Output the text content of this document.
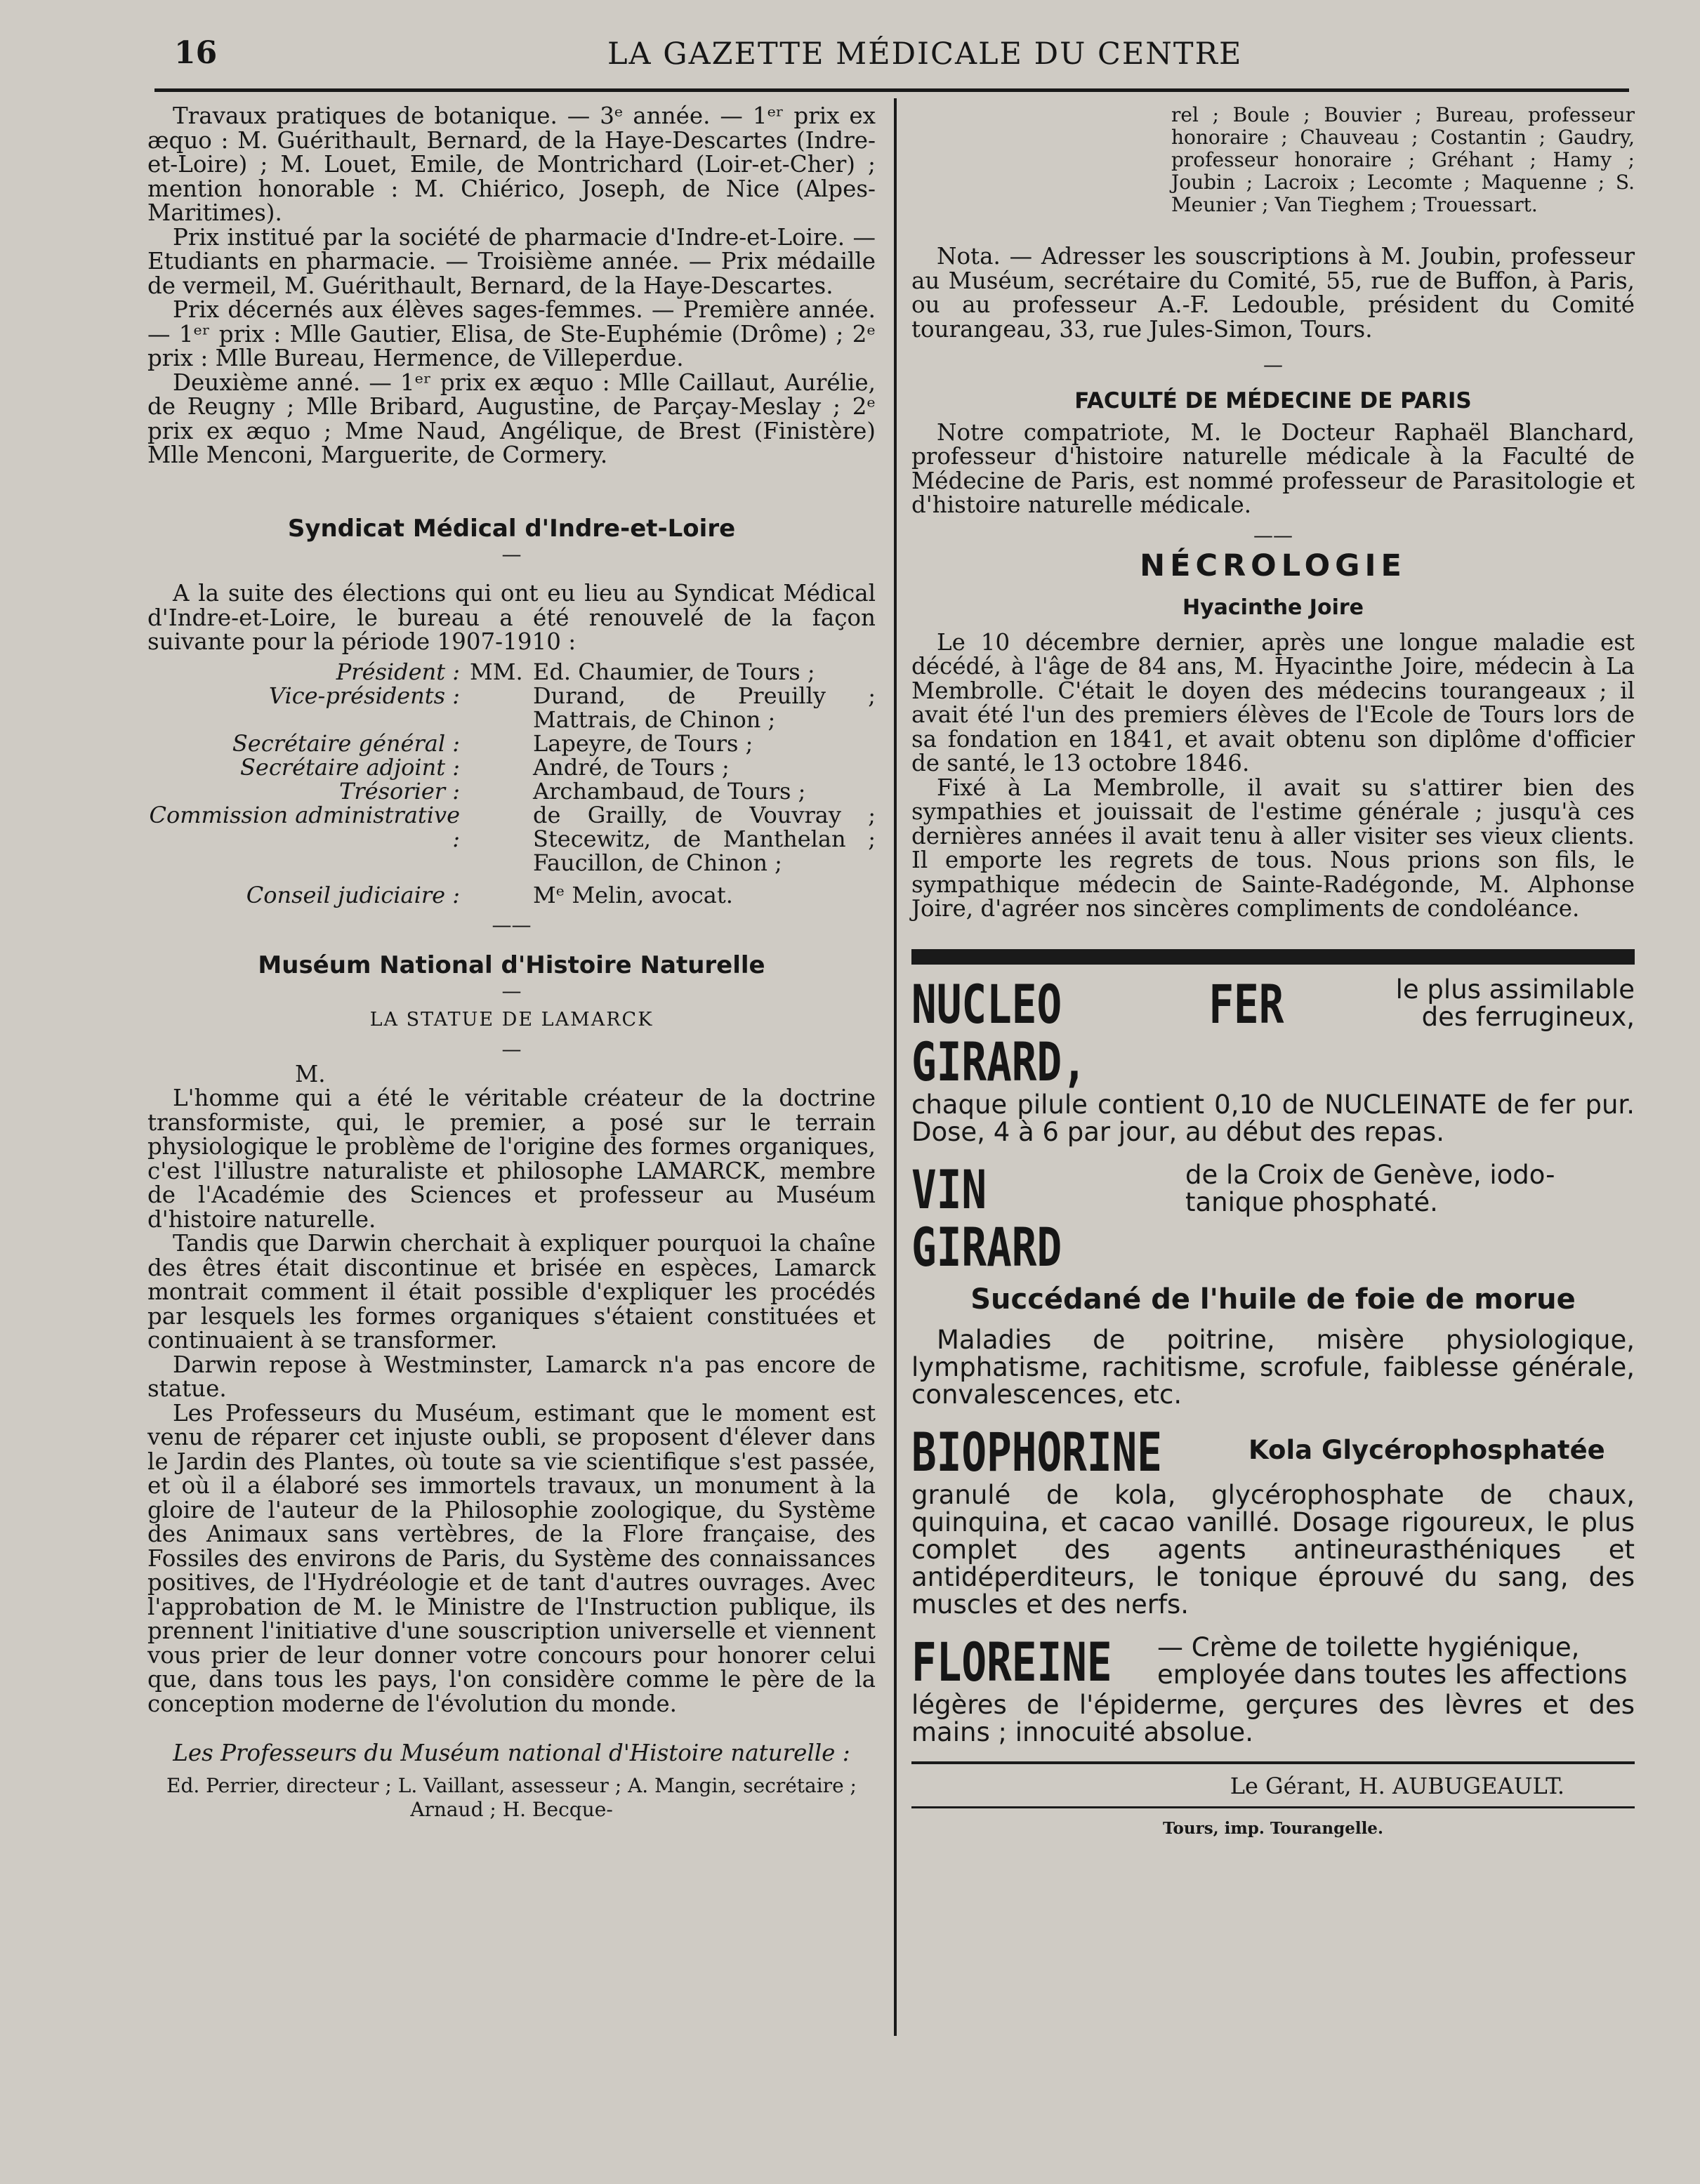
16	LA GAZETTE MÉDICALE DU CENTRE

Travaux pratiques de botanique. — 3ᵉ année. — 1ᵉʳ prix ex æquo : M. Guérithault, Bernard, de la Haye-Descartes (Indre-et-Loire) ; M. Louet, Emile, de Montrichard (Loir-et-Cher) ; mention honorable : M. Chiérico, Joseph, de Nice (Alpes-Maritimes).

Prix institué par la société de pharmacie d'Indre-et-Loire. — Etudiants en pharmacie. — Troisième année. — Prix médaille de vermeil, M. Guérithault, Bernard, de la Haye-Descartes.

Prix décernés aux élèves sages-femmes. — Première année. — 1ᵉʳ prix : Mlle Gautier, Elisa, de Ste-Euphémie (Drôme) ; 2ᵉ prix : Mlle Bureau, Hermence, de Villeperdue.

Deuxième anné. — 1ᵉʳ prix ex æquo : Mlle Caillaut, Aurélie, de Reugny ; Mlle Bribard, Augustine, de Parçay-Meslay ; 2ᵉ prix ex æquo ; Mme Naud, Angélique, de Brest (Finistère) Mlle Menconi, Marguerite, de Cormery.

Syndicat Médical d'Indre-et-Loire
—

A la suite des élections qui ont eu lieu au Syndicat Médical d'Indre-et-Loire, le bureau a été renouvelé de la façon suivante pour la période 1907-1910 :

Président :	MM.	Ed. Chaumier, de Tours ;
Vice-présidents :		Durand, de Preuilly ; Mattrais, de Chinon ;
Secrétaire général :		Lapeyre, de Tours ;
Secrétaire adjoint :		André, de Tours ;
Trésorier :		Archambaud, de Tours ;
Commission administrative :		de Grailly, de Vouvray ; Stecewitz, de Manthelan ; Faucillon, de Chinon ;
Conseil judiciaire :		Mᵉ Melin, avocat.
——
Muséum National d'Histoire Naturelle
—
LA STATUE DE LAMARCK
—

M.

L'homme qui a été le véritable créateur de la doctrine transformiste, qui, le premier, a posé sur le terrain physiologique le problème de l'origine des formes organiques, c'est l'illustre naturaliste et philosophe LAMARCK, membre de l'Académie des Sciences et professeur au Muséum d'histoire naturelle.

Tandis que Darwin cherchait à expliquer pourquoi la chaîne des êtres était discontinue et brisée en espèces, Lamarck montrait comment il était possible d'expliquer les procédés par lesquels les formes organiques s'étaient constituées et continuaient à se transformer.

Darwin repose à Westminster, Lamarck n'a pas encore de statue.

Les Professeurs du Muséum, estimant que le moment est venu de réparer cet injuste oubli, se proposent d'élever dans le Jardin des Plantes, où toute sa vie scientifique s'est passée, et où il a élaboré ses immortels travaux, un monument à la gloire de l'auteur de la Philosophie zoologique, du Système des Animaux sans vertèbres, de la Flore française, des Fossiles des environs de Paris, du Système des connaissances positives, de l'Hydréologie et de tant d'autres ouvrages. Avec l'approbation de M. le Ministre de l'Instruction publique, ils prennent l'initiative d'une souscription universelle et viennent vous prier de leur donner votre concours pour honorer celui que, dans tous les pays, l'on considère comme le père de la conception moderne de l'évolution du monde.

Les Professeurs du Muséum national d'Histoire naturelle :
Ed. Perrier, directeur ; L. Vaillant, assesseur ; A. Mangin, secrétaire ; Arnaud ; H. Becque-
rel ; Boule ; Bouvier ; Bureau, professeur honoraire ; Chauveau ; Costantin ; Gaudry, professeur honoraire ; Gréhant ; Hamy ; Joubin ; Lacroix ; Lecomte ; Maquenne ; S. Meunier ; Van Tieghem ; Trouessart.

Nota. — Adresser les souscriptions à M. Joubin, professeur au Muséum, secrétaire du Comité, 55, rue de Buffon, à Paris, ou au professeur A.-F. Ledouble, président du Comité tourangeau, 33, rue Jules-Simon, Tours.

—
FACULTÉ DE MÉDECINE DE PARIS

Notre compatriote, M. le Docteur Raphaël Blanchard, professeur d'histoire naturelle médicale à la Faculté de Médecine de Paris, est nommé professeur de Parasitologie et d'histoire naturelle médicale.

——
NÉCROLOGIE
Hyacinthe Joire

Le 10 décembre dernier, après une longue maladie est décédé, à l'âge de 84 ans, M. Hyacinthe Joire, médecin à La Membrolle. C'était le doyen des médecins tourangeaux ; il avait été l'un des premiers élèves de l'Ecole de Tours lors de sa fondation en 1841, et avait obtenu son diplôme d'officier de santé, le 13 octobre 1846.

Fixé à La Membrolle, il avait su s'attirer bien des sympathies et jouissait de l'estime générale ; jusqu'à ces dernières années il avait tenu à aller visiter ses vieux clients. Il emporte les regrets de tous. Nous prions son fils, le sympathique médecin de Sainte-Radégonde, M. Alphonse Joire, d'agréer nos sincères compliments de condoléance.

NUCLEO FER GIRARD,
le plus assimilable des ferrugineux,
chaque pilule contient 0,10 de NUCLEINATE de fer pur. Dose, 4 à 6 par jour, au début des repas.
VIN GIRARD
de la Croix de Genève, iodo-tanique phosphaté.
Succédané de l'huile de foie de morue
Maladies de poitrine, misère physiologique, lymphatisme, rachitisme, scrofule, faiblesse générale, convalescences, etc.
BIOPHORINE	Kola Glycérophosphatée
granulé de kola, glycérophosphate de chaux, quinquina, et cacao vanillé. Dosage rigoureux, le plus complet des agents antineurasthéniques et antidéperditeurs, le tonique éprouvé du sang, des muscles et des nerfs.
FLOREINE	— Crème de toilette hygiénique, employée dans toutes les affections
légères de l'épiderme, gerçures des lèvres et des mains ; innocuité absolue.
Le Gérant, H. AUBUGEAULT.
Tours, imp. Tourangelle.
